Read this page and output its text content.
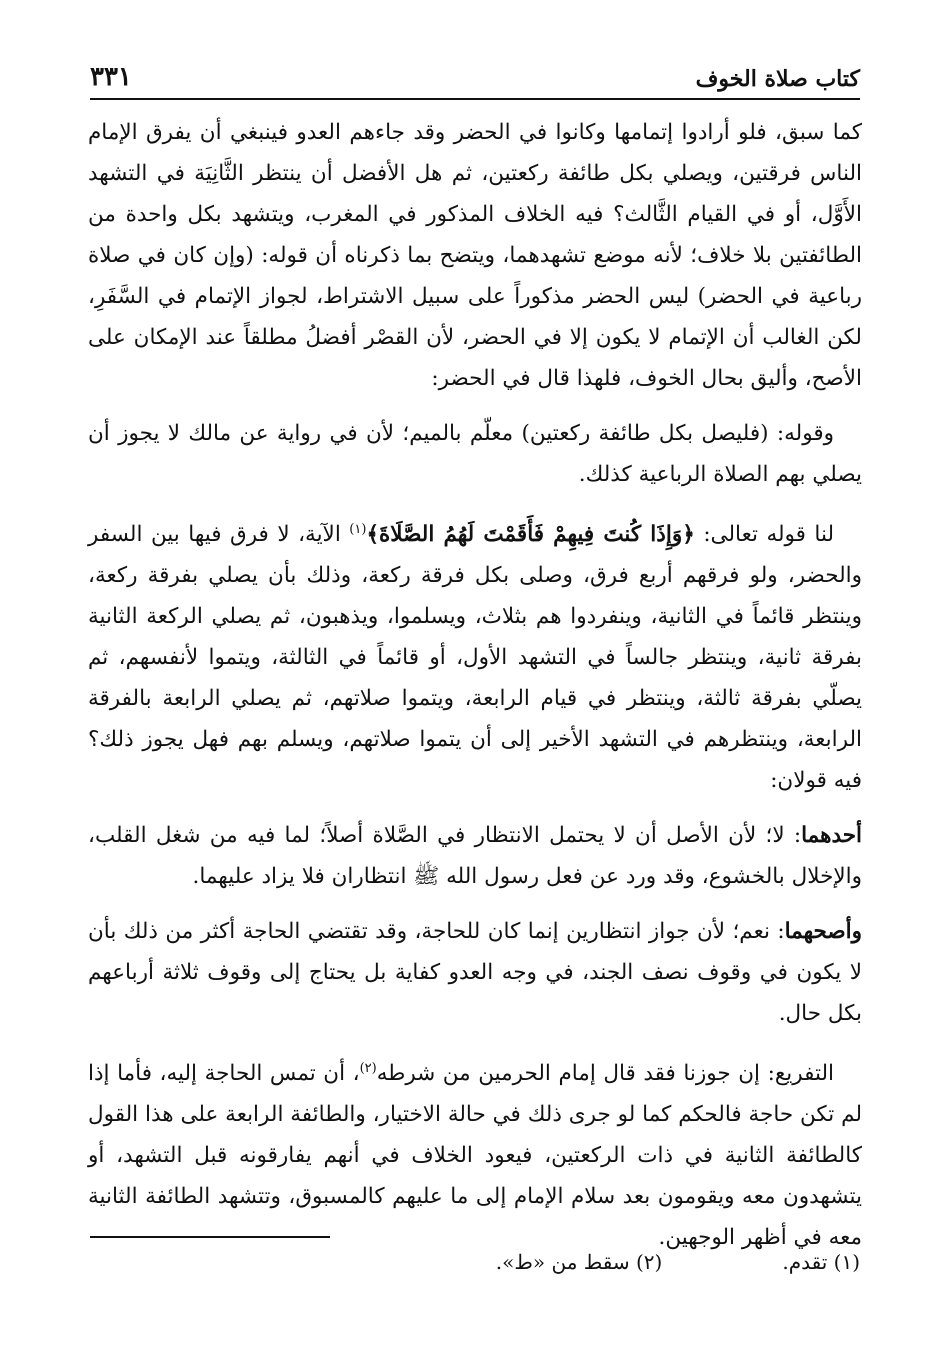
كتاب صلاة الخوف
٣٣١

كما سبق، فلو أرادوا إتمامها وكانوا في الحضر وقد جاءهم العدو فينبغي أن يفرق الإمام الناس فرقتين، ويصلي بكل طائفة ركعتين، ثم هل الأفضل أن ينتظر الثَّانِيَة في التشهد الأَوَّل، أو في القيام الثَّالث؟ فيه الخلاف المذكور في المغرب، ويتشهد بكل واحدة من الطائفتين بلا خلاف؛ لأنه موضع تشهدهما، ويتضح بما ذكرناه أن قوله: (وإن كان في صلاة رباعية في الحضر) ليس الحضر مذكوراً على سبيل الاشتراط، لجواز الإتمام في السَّفَرِ، لكن الغالب أن الإتمام لا يكون إلا في الحضر، لأن القصْر أفضلُ مطلقاً عند الإمكان على الأصح، وأليق بحال الخوف، فلهذا قال في الحضر:

وقوله: (فليصل بكل طائفة ركعتين) معلّم بالميم؛ لأن في رواية عن مالك لا يجوز أن يصلي بهم الصلاة الرباعية كذلك.

لنا قوله تعالى: ﴿وَإِذَا كُنتَ فِيهِمْ فَأَقَمْتَ لَهُمُ الصَّلَاةَ﴾$^{(١)}$ الآية، لا فرق فيها بين السفر والحضر، ولو فرقهم أربع فرق، وصلى بكل فرقة ركعة، وذلك بأن يصلي بفرقة ركعة، وينتظر قائماً في الثانية، وينفردوا هم بثلاث، ويسلموا، ويذهبون، ثم يصلي الركعة الثانية بفرقة ثانية، وينتظر جالساً في التشهد الأول، أو قائماً في الثالثة، ويتموا لأنفسهم، ثم يصلّي بفرقة ثالثة، وينتظر في قيام الرابعة، ويتموا صلاتهم، ثم يصلي الرابعة بالفرقة الرابعة، وينتظرهم في التشهد الأخير إلى أن يتموا صلاتهم، ويسلم بهم فهل يجوز ذلك؟ فيه قولان:

أحدهما: لا؛ لأن الأصل أن لا يحتمل الانتظار في الصَّلاة أصلاً؛ لما فيه من شغل القلب، والإخلال بالخشوع، وقد ورد عن فعل رسول الله ﷺ انتظاران فلا يزاد عليهما.

وأصحهما: نعم؛ لأن جواز انتظارين إنما كان للحاجة، وقد تقتضي الحاجة أكثر من ذلك بأن لا يكون في وقوف نصف الجند، في وجه العدو كفاية بل يحتاج إلى وقوف ثلاثة أرباعهم بكل حال.

التفريع: إن جوزنا فقد قال إمام الحرمين من شرطه$^{(٢)}$، أن تمس الحاجة إليه، فأما إذا لم تكن حاجة فالحكم كما لو جرى ذلك في حالة الاختيار، والطائفة الرابعة على هذا القول كالطائفة الثانية في ذات الركعتين، فيعود الخلاف في أنهم يفارقونه قبل التشهد، أو يتشهدون معه ويقومون بعد سلام الإمام إلى ما عليهم كالمسبوق، وتتشهد الطائفة الثانية معه في أظهر الوجهين.

(١) تقدم.
(٢) سقط من «ط».
